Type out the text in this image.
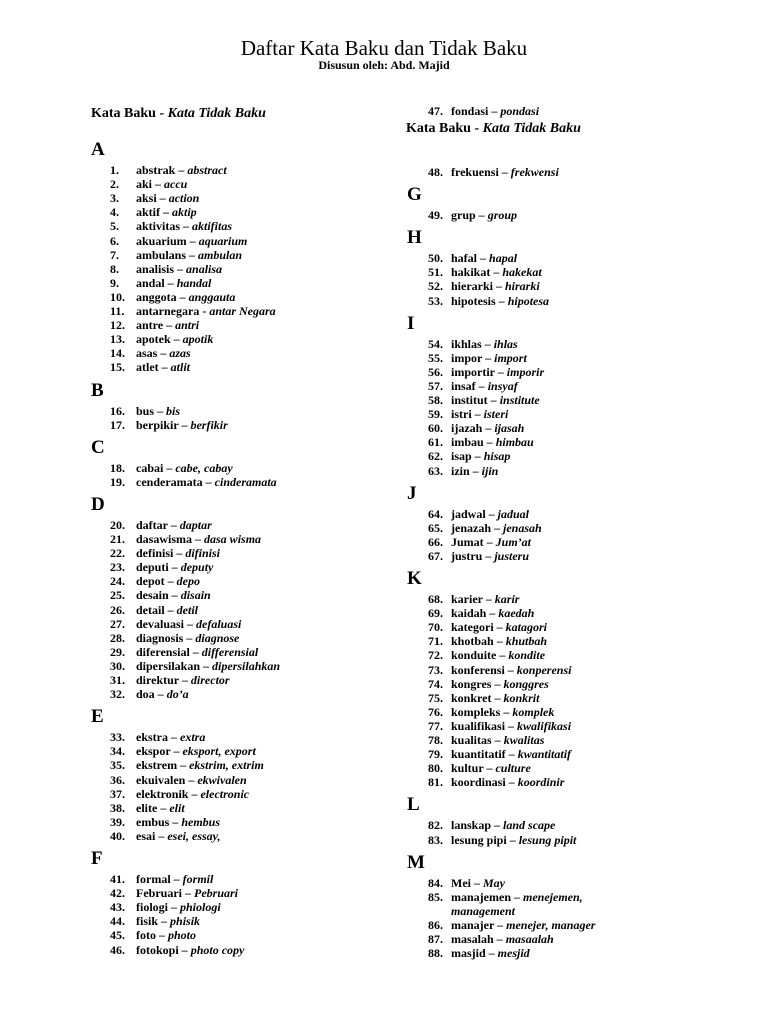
Daftar Kata Baku dan Tidak Baku
Disusun oleh: Abd. Majid
Kata Baku - Kata Tidak Baku
A
1. abstrak – abstract
2. aki – accu
3. aksi – action
4. aktif – aktip
5. aktivitas – aktifitas
6. akuarium – aquarium
7. ambulans – ambulan
8. analisis – analisa
9. andal – handal
10. anggota – anggauta
11. antarnegara - antar Negara
12. antre – antri
13. apotek – apotik
14. asas – azas
15. atlet – atlit
B
16. bus – bis
17. berpikir – berfikir
C
18. cabai – cabe, cabay
19. cenderamata – cinderamata
D
20. daftar – daptar
21. dasawisma – dasa wisma
22. definisi – difinisi
23. deputi – deputy
24. depot – depo
25. desain – disain
26. detail – detil
27. devaluasi – defaluasi
28. diagnosis – diagnose
29. diferensial – differensial
30. dipersilakan – dipersilahkan
31. direktur – director
32. doa – do’a
E
33. ekstra – extra
34. ekspor – eksport, export
35. ekstrem – ekstrim, extrim
36. ekuivalen – ekwivalen
37. elektronik – electronic
38. elite – elit
39. embus – hembus
40. esai – esei, essay,
F
41. formal – formil
42. Februari – Pebruari
43. fiologi – phiologi
44. fisik – phisik
45. foto – photo
46. fotokopi – photo copy
47. fondasi – pondasi
Kata Baku - Kata Tidak Baku
48. frekuensi – frekwensi
G
49. grup – group
H
50. hafal – hapal
51. hakikat – hakekat
52. hierarki – hirarki
53. hipotesis – hipotesa
I
54. ikhlas – ihlas
55. impor – import
56. importir – imporir
57. insaf – insyaf
58. institut – institute
59. istri – isteri
60. ijazah – ijasah
61. imbau – himbau
62. isap – hisap
63. izin – ijin
J
64. jadwal – jadual
65. jenazah – jenasah
66. Jumat – Jum’at
67. justru – justeru
K
68. karier – karir
69. kaidah – kaedah
70. kategori – katagori
71. khotbah – khutbah
72. konduite – kondite
73. konferensi – konperensi
74. kongres – konggres
75. konkret – konkrit
76. kompleks – komplek
77. kualifikasi – kwalifikasi
78. kualitas – kwalitas
79. kuantitatif – kwantitatif
80. kultur – culture
81. koordinasi – koordinir
L
82. lanskap – land scape
83. lesung pipi – lesung pipit
M
84. Mei – May
85. manajemen – menejemen,
management
86. manajer – menejer, manager
87. masalah – masaalah
88. masjid – mesjid
